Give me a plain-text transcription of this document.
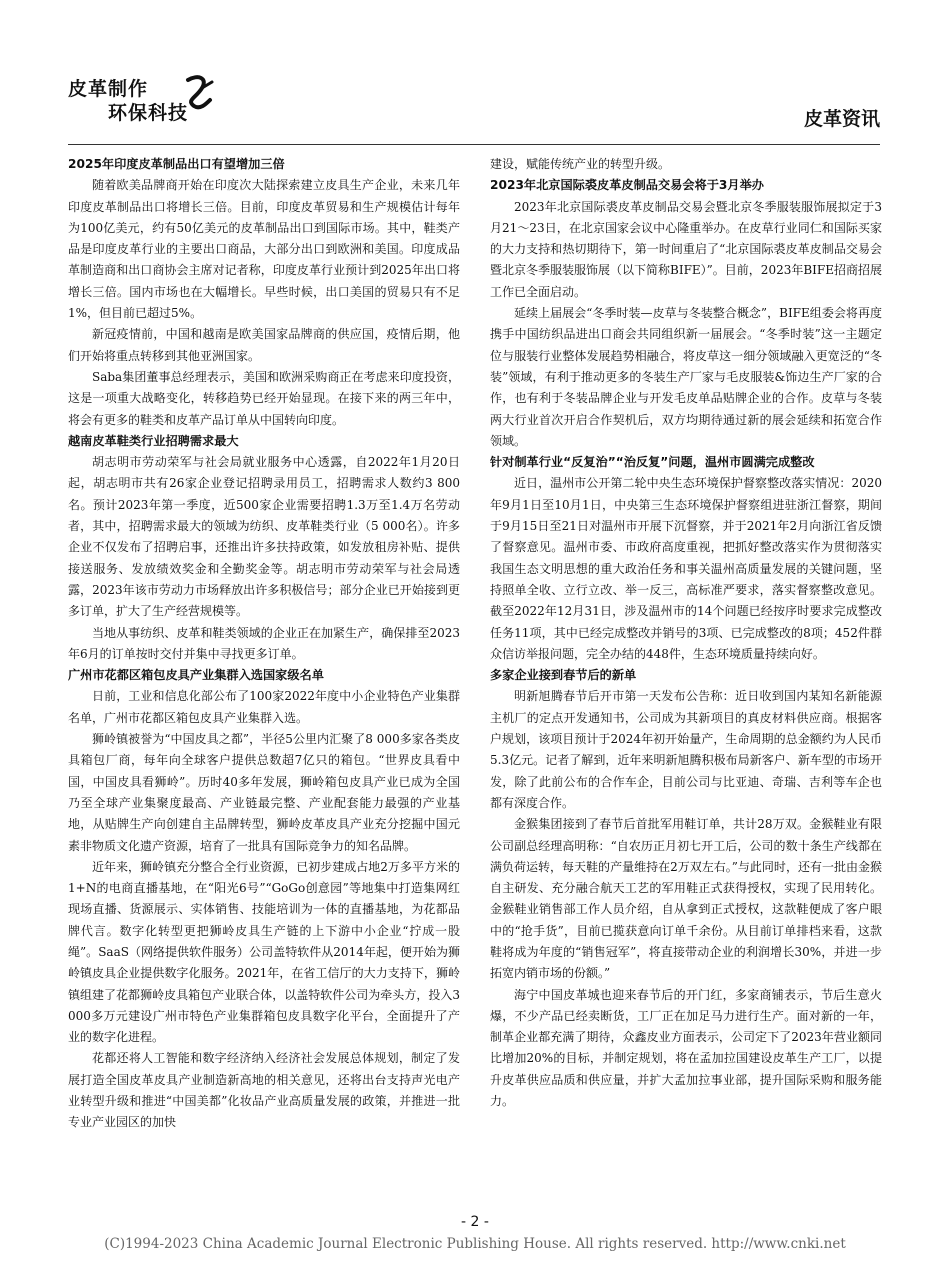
皮革制作
环保科技	皮革资讯
2025年印度皮革制品出口有望增加三倍

随着欧美品牌商开始在印度次大陆探索建立皮具生产企业，未来几年印度皮革制品出口将增长三倍。目前，印度皮革贸易和生产规模估计每年为100亿美元，约有50亿美元的皮革制品出口到国际市场。其中，鞋类产品是印度皮革行业的主要出口商品，大部分出口到欧洲和美国。印度成品革制造商和出口商协会主席对记者称，印度皮革行业预计到2025年出口将增长三倍。国内市场也在大幅增长。早些时候，出口美国的贸易只有不足1%，但目前已超过5%。

新冠疫情前，中国和越南是欧美国家品牌商的供应国，疫情后期，他们开始将重点转移到其他亚洲国家。

Saba集团董事总经理表示，美国和欧洲采购商正在考虑来印度投资，这是一项重大战略变化，转移趋势已经开始显现。在接下来的两三年中，将会有更多的鞋类和皮革产品订单从中国转向印度。

越南皮革鞋类行业招聘需求最大

胡志明市劳动荣军与社会局就业服务中心透露，自2022年1月20日起，胡志明市共有26家企业登记招聘录用员工，招聘需求人数约3 800名。预计2023年第一季度，近500家企业需要招聘1.3万至1.4万名劳动者，其中，招聘需求最大的领域为纺织、皮革鞋类行业（5 000名）。许多企业不仅发布了招聘启事，还推出许多扶持政策，如发放租房补贴、提供接送服务、发放绩效奖金和全勤奖金等。胡志明市劳动荣军与社会局透露，2023年该市劳动力市场释放出许多积极信号；部分企业已开始接到更多订单，扩大了生产经营规模等。

当地从事纺织、皮革和鞋类领域的企业正在加紧生产，确保排至2023年6月的订单按时交付并集中寻找更多订单。

广州市花都区箱包皮具产业集群入选国家级名单

日前，工业和信息化部公布了100家2022年度中小企业特色产业集群名单，广州市花都区箱包皮具产业集群入选。

狮岭镇被誉为“中国皮具之都”，半径5公里内汇聚了8 000多家各类皮具箱包厂商，每年向全球客户提供总数超7亿只的箱包。“世界皮具看中国，中国皮具看狮岭”。历时40多年发展，狮岭箱包皮具产业已成为全国乃至全球产业集聚度最高、产业链最完整、产业配套能力最强的产业基地，从贴牌生产向创建自主品牌转型，狮岭皮革皮具产业充分挖掘中国元素非物质文化遗产资源，培育了一批具有国际竞争力的知名品牌。

近年来，狮岭镇充分整合全行业资源，已初步建成占地2万多平方米的1+N的电商直播基地，在“阳光6号”“GoGo创意园”等地集中打造集网红现场直播、货源展示、实体销售、技能培训为一体的直播基地，为花都品牌代言。数字化转型更把狮岭皮具生产链的上下游中小企业“拧成一股绳”。SaaS（网络提供软件服务）公司盖特软件从2014年起，便开始为狮岭镇皮具企业提供数字化服务。2021年，在省工信厅的大力支持下，狮岭镇组建了花都狮岭皮具箱包产业联合体，以盖特软件公司为牵头方，投入3 000多万元建设广州市特色产业集群箱包皮具数字化平台，全面提升了产业的数字化进程。

花都还将人工智能和数字经济纳入经济社会发展总体规划，制定了发展打造全国皮革皮具产业制造新高地的相关意见，还将出台支持声光电产业转型升级和推进“中国美都”化妆品产业高质量发展的政策，并推进一批专业产业园区的加快

建设，赋能传统产业的转型升级。

2023年北京国际裘皮革皮制品交易会将于3月举办

2023年北京国际裘皮革皮制品交易会暨北京冬季服装服饰展拟定于3月21～23日，在北京国家会议中心隆重举办。在皮草行业同仁和国际买家的大力支持和热切期待下，第一时间重启了“北京国际裘皮革皮制品交易会暨北京冬季服装服饰展（以下简称BIFE）”。目前，2023年BIFE招商招展工作已全面启动。

延续上届展会“冬季时装—皮草与冬装整合概念”，BIFE组委会将再度携手中国纺织品进出口商会共同组织新一届展会。“冬季时装”这一主题定位与服装行业整体发展趋势相融合，将皮草这一细分领域融入更宽泛的“冬装”领域，有利于推动更多的冬装生产厂家与毛皮服装&饰边生产厂家的合作，也有利于冬装品牌企业与开发毛皮单品贴牌企业的合作。皮草与冬装两大行业首次开启合作契机后，双方均期待通过新的展会延续和拓宽合作领域。

针对制革行业“反复治”“治反复”问题，温州市圆满完成整改

近日，温州市公开第二轮中央生态环境保护督察整改落实情况：2020年9月1日至10月1日，中央第三生态环境保护督察组进驻浙江督察，期间于9月15日至21日对温州市开展下沉督察，并于2021年2月向浙江省反馈了督察意见。温州市委、市政府高度重视，把抓好整改落实作为贯彻落实我国生态文明思想的重大政治任务和事关温州高质量发展的关键问题，坚持照单全收、立行立改、举一反三，高标准严要求，落实督察整改意见。截至2022年12月31日，涉及温州市的14个问题已经按序时要求完成整改任务11项，其中已经完成整改并销号的3项、已完成整改的8项；452件群众信访举报问题，完全办结的448件，生态环境质量持续向好。

多家企业接到春节后的新单

明新旭腾春节后开市第一天发布公告称：近日收到国内某知名新能源主机厂的定点开发通知书，公司成为其新项目的真皮材料供应商。根据客户规划，该项目预计于2024年初开始量产，生命周期的总金额约为人民币5.3亿元。记者了解到，近年来明新旭腾积极布局新客户、新车型的市场开发，除了此前公布的合作车企，目前公司与比亚迪、奇瑞、吉利等车企也都有深度合作。

金猴集团接到了春节后首批军用鞋订单，共计28万双。金猴鞋业有限公司副总经理高明称：“自农历正月初七开工后，公司的数十条生产线都在满负荷运转，每天鞋的产量维持在2万双左右。”与此同时，还有一批由金猴自主研发、充分融合航天工艺的军用鞋正式获得授权，实现了民用转化。金猴鞋业销售部工作人员介绍，自从拿到正式授权，这款鞋便成了客户眼中的“抢手货”，目前已揽获意向订单千余份。从目前订单排档来看，这款鞋将成为年度的“销售冠军”，将直接带动企业的利润增长30%，并进一步拓宽内销市场的份额。”

海宁中国皮革城也迎来春节后的开门红，多家商铺表示，节后生意火爆，不少产品已经卖断货，工厂正在加足马力进行生产。面对新的一年，制革企业都充满了期待，众鑫皮业方面表示，公司定下了2023年营业额同比增加20%的目标，并制定规划，将在孟加拉国建设皮革生产工厂，以提升皮革供应品质和供应量，并扩大孟加拉事业部，提升国际采购和服务能力。

- 2 -
(C)1994-2023 China Academic Journal Electronic Publishing House. All rights reserved. http://www.cnki.net
